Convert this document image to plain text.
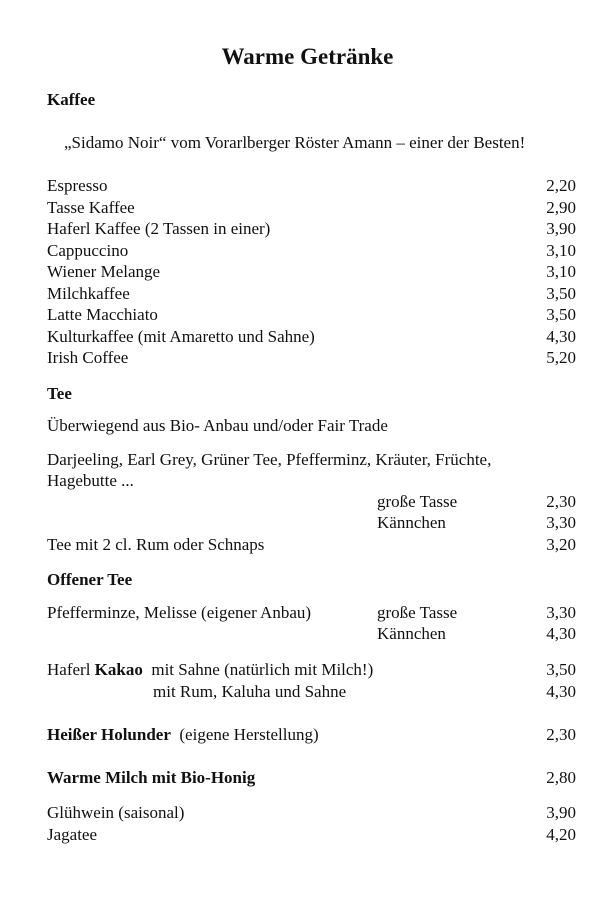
Warme Getränke
Kaffee
„Sidamo Noir“ vom Vorarlberger Röster Amann – einer der Besten!
Espresso	2,20
Tasse Kaffee	2,90
Haferl Kaffee (2 Tassen in einer)	3,90
Cappuccino	3,10
Wiener Melange	3,10
Milchkaffee	3,50
Latte Macchiato	3,50
Kulturkaffee (mit Amaretto und Sahne)	4,30
Irish Coffee	5,20
Tee
Überwiegend aus Bio- Anbau und/oder Fair Trade
Darjeeling, Earl Grey, Grüner Tee, Pfefferminz, Kräuter, Früchte,
Hagebutte ...
große Tasse	2,30
Kännchen	3,30
Tee mit 2 cl. Rum oder Schnaps	3,20
Offener Tee
Pfefferminze, Melisse (eigener Anbau)	große Tasse	3,30
Kännchen	4,30
Haferl Kakao  mit Sahne (natürlich mit Milch!)	3,50
mit Rum, Kaluha und Sahne	4,30
Heißer Holunder  (eigene Herstellung)	2,30
Warme Milch mit Bio-Honig	2,80
Glühwein (saisonal)	3,90
Jagatee	4,20
